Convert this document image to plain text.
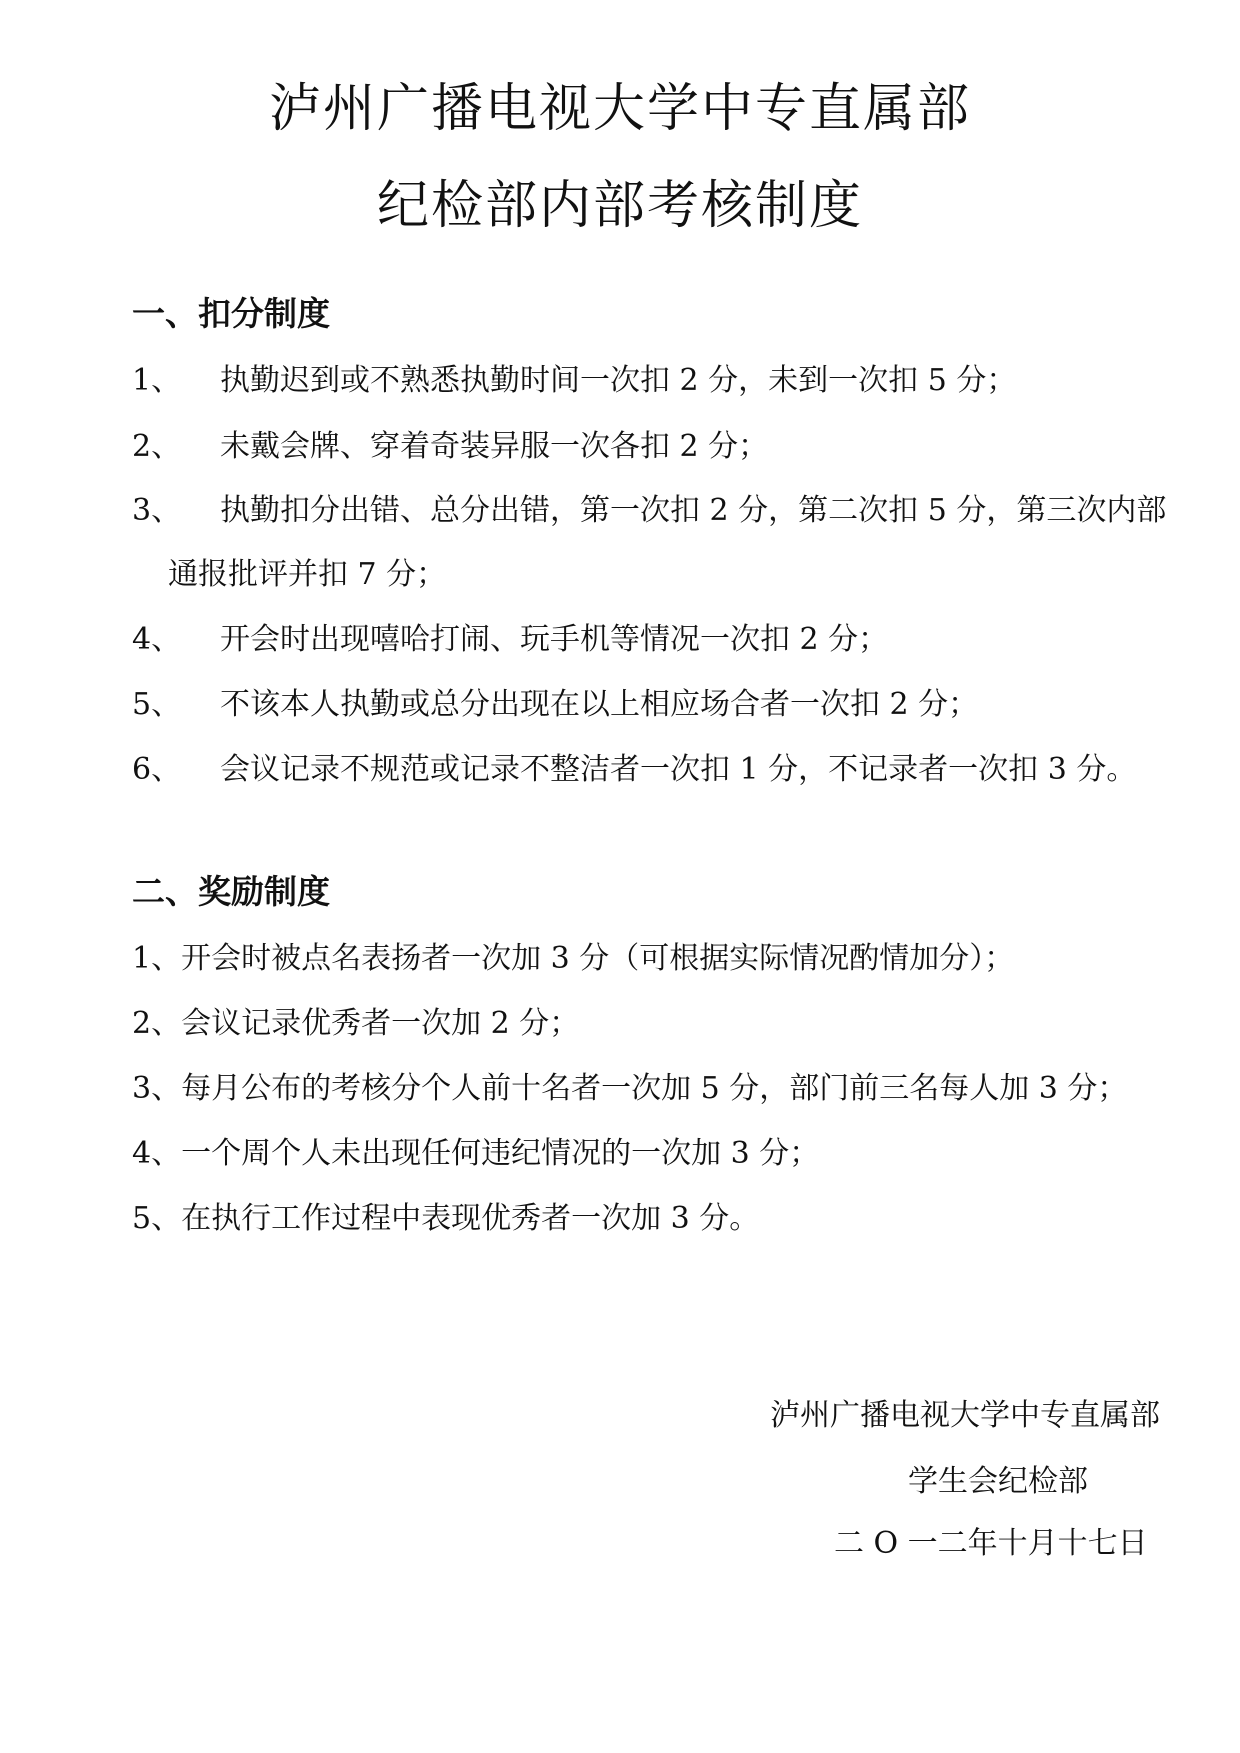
泸州广播电视大学中专直属部
纪检部内部考核制度
一、扣分制度

1、 执勤迟到或不熟悉执勤时间一次扣 2 分，未到一次扣 5 分；

2、 未戴会牌、穿着奇装异服一次各扣 2 分；

3、 执勤扣分出错、总分出错，第一次扣 2 分，第二次扣 5 分，第三次内部

通报批评并扣 7 分；

4、 开会时出现嘻哈打闹、玩手机等情况一次扣 2 分；

5、 不该本人执勤或总分出现在以上相应场合者一次扣 2 分；

6、 会议记录不规范或记录不整洁者一次扣 1 分，不记录者一次扣 3 分。

二、奖励制度

1、开会时被点名表扬者一次加 3 分（可根据实际情况酌情加分）；

2、会议记录优秀者一次加 2 分；

3、每月公布的考核分个人前十名者一次加 5 分，部门前三名每人加 3 分；

4、一个周个人未出现任何违纪情况的一次加 3 分；

5、在执行工作过程中表现优秀者一次加 3 分。

泸州广播电视大学中专直属部

学生会纪检部

二 O 一二年十月十七日
